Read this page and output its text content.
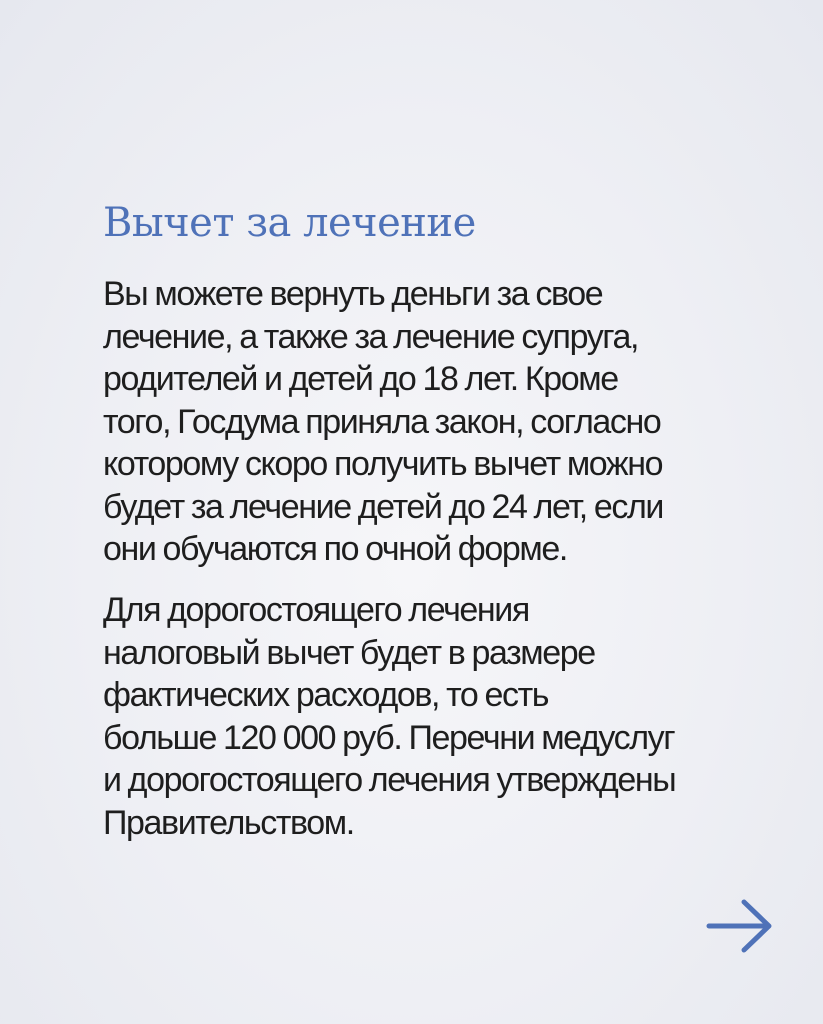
Вычет за лечение

Вы можете вернуть деньги за свое
лечение, а также за лечение супруга,
родителей и детей до 18 лет. Кроме
того, Госдума приняла закон, согласно
которому скоро получить вычет можно
будет за лечение детей до 24 лет, если
они обучаются по очной форме.

Для дорогостоящего лечения
налоговый вычет будет в размере
фактических расходов, то есть
больше 120 000 руб. Перечни медуслуг
и дорогостоящего лечения утверждены
Правительством.
